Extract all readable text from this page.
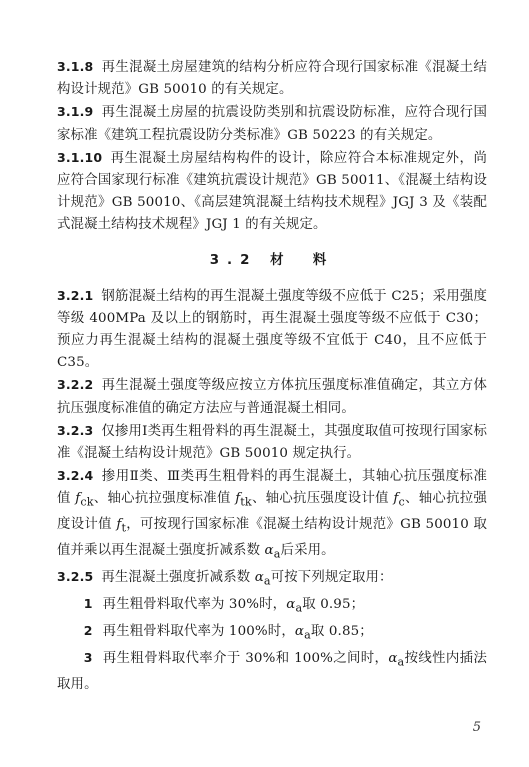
3.1.8 再生混凝土房屋建筑的结构分析应符合现行国家标准《混凝土结构设计规范》GB 50010 的有关规定。

3.1.9 再生混凝土房屋的抗震设防类别和抗震设防标准，应符合现行国家标准《建筑工程抗震设防分类标准》GB 50223 的有关规定。

3.1.10 再生混凝土房屋结构构件的设计，除应符合本标准规定外，尚应符合国家现行标准《建筑抗震设计规范》GB 50011、《混凝土结构设计规范》GB 50010、《高层建筑混凝土结构技术规程》JGJ 3 及《装配式混凝土结构技术规程》JGJ 1 的有关规定。

3.2 材　料

3.2.1 钢筋混凝土结构的再生混凝土强度等级不应低于 C25；采用强度等级 400MPa 及以上的钢筋时，再生混凝土强度等级不应低于 C30；预应力再生混凝土结构的混凝土强度等级不宜低于 C40，且不应低于 C35。

3.2.2 再生混凝土强度等级应按立方体抗压强度标准值确定，其立方体抗压强度标准值的确定方法应与普通混凝土相同。

3.2.3 仅掺用Ⅰ类再生粗骨料的再生混凝土，其强度取值可按现行国家标准《混凝土结构设计规范》GB 50010 规定执行。

3.2.4 掺用Ⅱ类、Ⅲ类再生粗骨料的再生混凝土，其轴心抗压强度标准值 $f_{ck}$、轴心抗拉强度标准值 $f_{tk}$、轴心抗压强度设计值 $f_c$、轴心抗拉强度设计值 $f_t$，可按现行国家标准《混凝土结构设计规范》GB 50010 取值并乘以再生混凝土强度折减系数 $\alpha_a$后采用。

3.2.5 再生混凝土强度折减系数 $\alpha_a$可按下列规定取用：

1 再生粗骨料取代率为 30%时，$\alpha_a$取 0.95；

2 再生粗骨料取代率为 100%时，$\alpha_a$取 0.85；

3 再生粗骨料取代率介于 30%和 100%之间时，$\alpha_a$按线性内插法取用。

5
